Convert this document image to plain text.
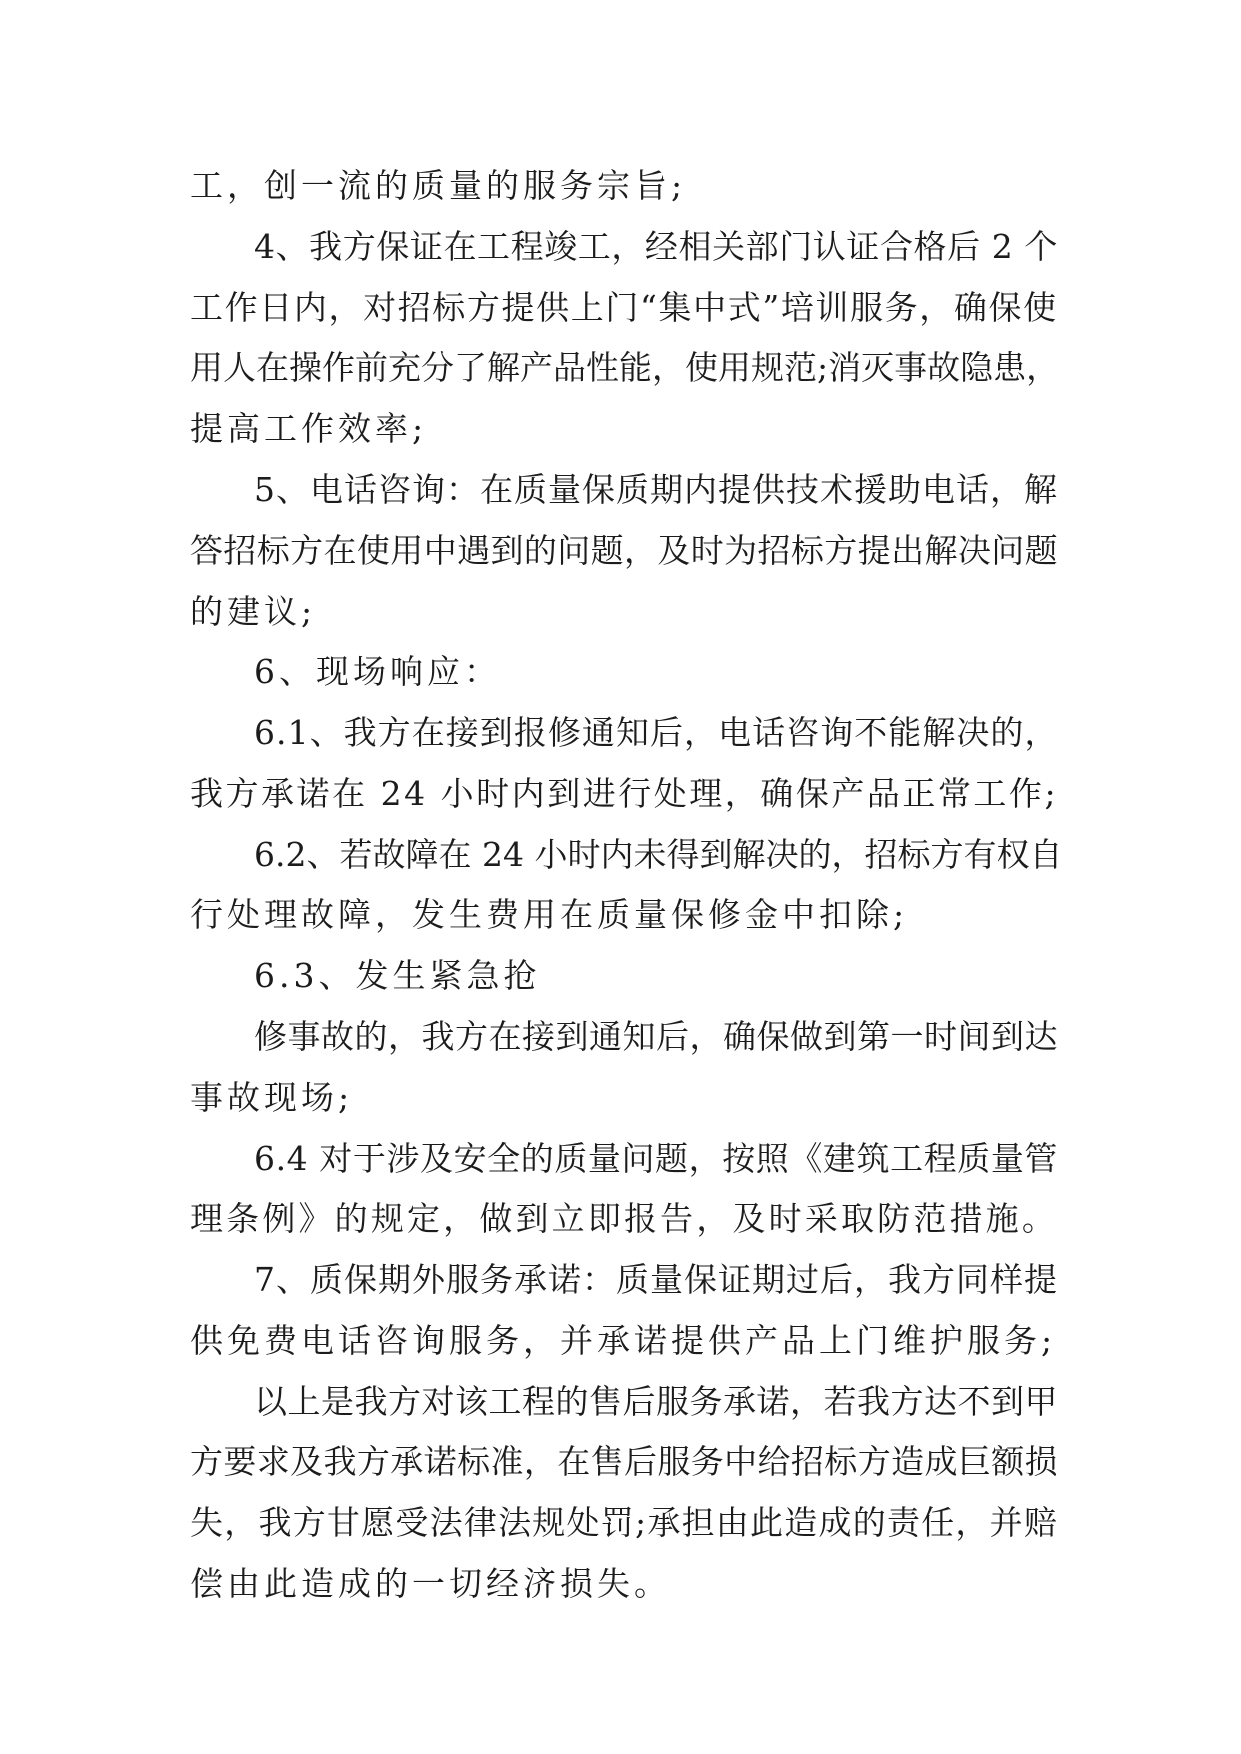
工，创一流的质量的服务宗旨;
4、我方保证在工程竣工，经相关部门认证合格后 2 个
工作日内，对招标方提供上门“集中式”培训服务，确保使
用人在操作前充分了解产品性能，使用规范;消灭事故隐患，
提高工作效率;
5、电话咨询：在质量保质期内提供技术援助电话，解
答招标方在使用中遇到的问题，及时为招标方提出解决问题
的建议;
6、现场响应：
6.1、我方在接到报修通知后，电话咨询不能解决的，
我方承诺在 24 小时内到进行处理，确保产品正常工作;
6.2、若故障在 24 小时内未得到解决的，招标方有权自
行处理故障，发生费用在质量保修金中扣除;
6.3、发生紧急抢
修事故的，我方在接到通知后，确保做到第一时间到达
事故现场;
6.4 对于涉及安全的质量问题，按照《建筑工程质量管
理条例》的规定，做到立即报告，及时采取防范措施。
7、质保期外服务承诺：质量保证期过后，我方同样提
供免费电话咨询服务，并承诺提供产品上门维护服务;
以上是我方对该工程的售后服务承诺，若我方达不到甲
方要求及我方承诺标准，在售后服务中给招标方造成巨额损
失，我方甘愿受法律法规处罚;承担由此造成的责任，并赔
偿由此造成的一切经济损失。
